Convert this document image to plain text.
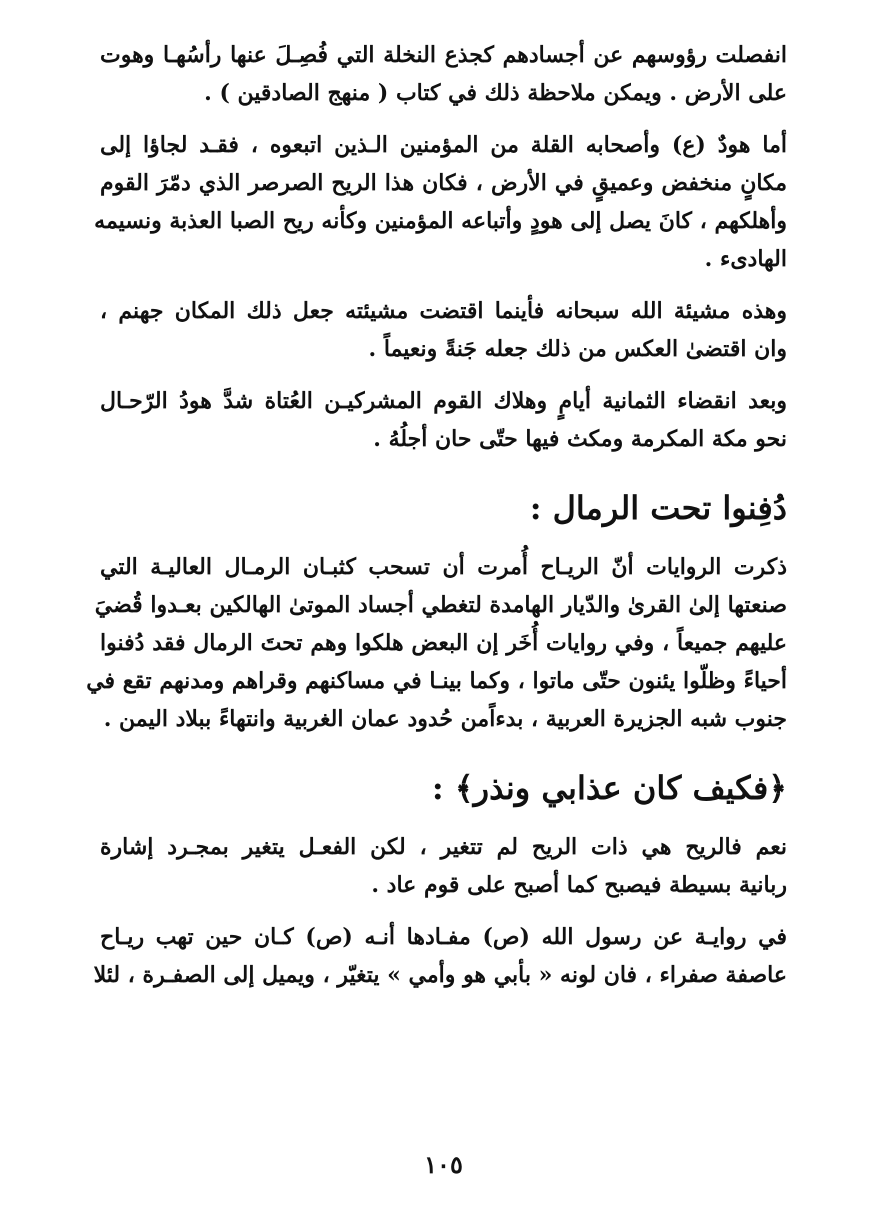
انفصلت رؤوسهم عن أجسادهم كجذع النخلة التي فُصِـلَ عنها رأسُهـا وهوت
على الأرض . ويمكن ملاحظة ذلك في كتاب ( منهج الصادقين ) .
أما هودٌ (ع) وأصحابه القلة من المؤمنين الـذين اتبعوه ، فقـد لجاؤا إلى
مكانٍ منخفض وعميقٍ في الأرض ، فكان هذا الريح الصرصر الذي دمّرَ القوم
وأهلكهم ، كانَ يصل إلى هودٍ وأتباعه المؤمنين وكأنه ريح الصبا العذبة ونسيمه
الهادىء .
وهذه مشيئة الله سبحانه فأينما اقتضت مشيئته جعل ذلك المكان جهنم ،
وان اقتضىٰ العكس من ذلك جعله جَنةً ونعيماً .
وبعد انقضاء الثمانية أيامٍ وهلاك القوم المشركيـن العُتاة شدَّ هودُ الرّحـال
نحو مكة المكرمة ومكث فيها حتّى حان أجلُهُ .
دُفِنوا تحت الرمال :
ذكرت الروايات أنّ الريـاح أُمرت أن تسحب كثبـان الرمـال العاليـة التي
صنعتها إلىٰ القرىٰ والدّيار الهامدة لتغطي أجساد الموتىٰ الهالكين بعـدوا قُضيَ
عليهم جميعاً ، وفي روايات أُخَر إن البعض هلكوا وهم تحتَ الرمال فقد دُفنوا
أحياءً وظلّوا يئنون حتّى ماتوا ، وكما بينـا في مساكنهم وقراهم ومدنهم تقع في
جنوب شبه الجزيرة العربية ، بدءاًمن حُدود عمان الغربية وانتهاءً ببلاد اليمن .
﴿فكيف كان عذابي ونذر﴾ :
نعم فالريح هي ذات الريح لم تتغير ، لكن الفعـل يتغير بمجـرد إشارة
ربانية بسيطة فيصبح كما أصبح على قوم عاد .
في روايـة عن رسول الله (ص) مفـادها أنـه (ص) كـان حين تهب ريـاح
عاصفة صفراء ، فان لونه « بأبي هو وأمي » يتغيّر ، ويميل إلى الصفـرة ، لئلا
١٠٥
